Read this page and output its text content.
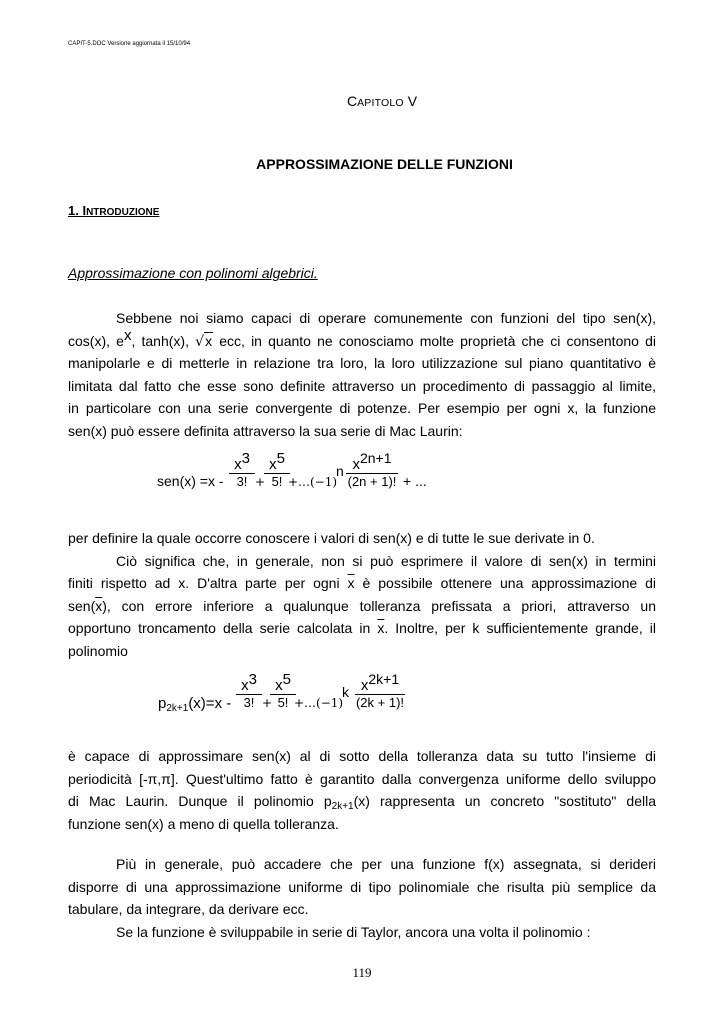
CAPIT-5.DOC Versione aggiornata il 15/10/94
CAPITOLO V
APPROSSIMAZIONE DELLE FUNZIONI
1. INTRODUZIONE
Approssimazione con polinomi algebrici.
Sebbene noi siamo capaci di operare comunemente con funzioni del tipo sen(x),
cos(x), $e^x$, tanh(x), √x ecc, in quanto ne conosciamo molte proprietà che ci consentono di
manipolarle e di metterle in relazione tra loro, la loro utilizzazione sul piano quantitativo è
limitata dal fatto che esse sono definite attraverso un procedimento di passaggio al limite,
in particolare con una serie convergente di potenze. Per esempio per ogni x, la funzione
sen(x) può essere definita attraverso la sua serie di Mac Laurin:
$sen(x) =x - \frac{x^3}{3!}$ +
$\frac{x^5}{5!}$
+…(−1)
n $\frac{x^{2n+1}}{(2n + 1)!}$ + ...
per definire la quale occorre conoscere i valori di sen(x) e di tutte le sue derivate in 0.
Ciò significa che, in generale, non si può esprimere il valore di sen(x) in termini
finiti rispetto ad x. D'altra parte per ogni $\overline{x}$ è possibile ottenere una approssimazione di
$sen(\overline{x})$, con errore inferiore a qualunque tolleranza prefissata a priori, attraverso un
opportuno troncamento della serie calcolata in $\overline{x}$. Inoltre, per k sufficientemente grande, il
polinomio
$p_{2k+1}(x)=x - \frac{x^3}{3!}$ +
$\frac{x^5}{5!}$
+…(−1)
k $\frac{x^{2k+1}}{(2k + 1)!}$
è capace di approssimare sen(x) al di sotto della tolleranza data su tutto l'insieme di
periodicità [-π,π]. Quest'ultimo fatto è garantito dalla convergenza uniforme dello sviluppo
di Mac Laurin. Dunque il polinomio $p_{2k+1}(x)$ rappresenta un concreto "sostituto" della
funzione sen(x) a meno di quella tolleranza.
Più in generale, può accadere che per una funzione f(x) assegnata, si derideri
disporre di una approssimazione uniforme di tipo polinomiale che risulta più semplice da
tabulare, da integrare, da derivare ecc.
Se la funzione è sviluppabile in serie di Taylor, ancora una volta il polinomio :
119
